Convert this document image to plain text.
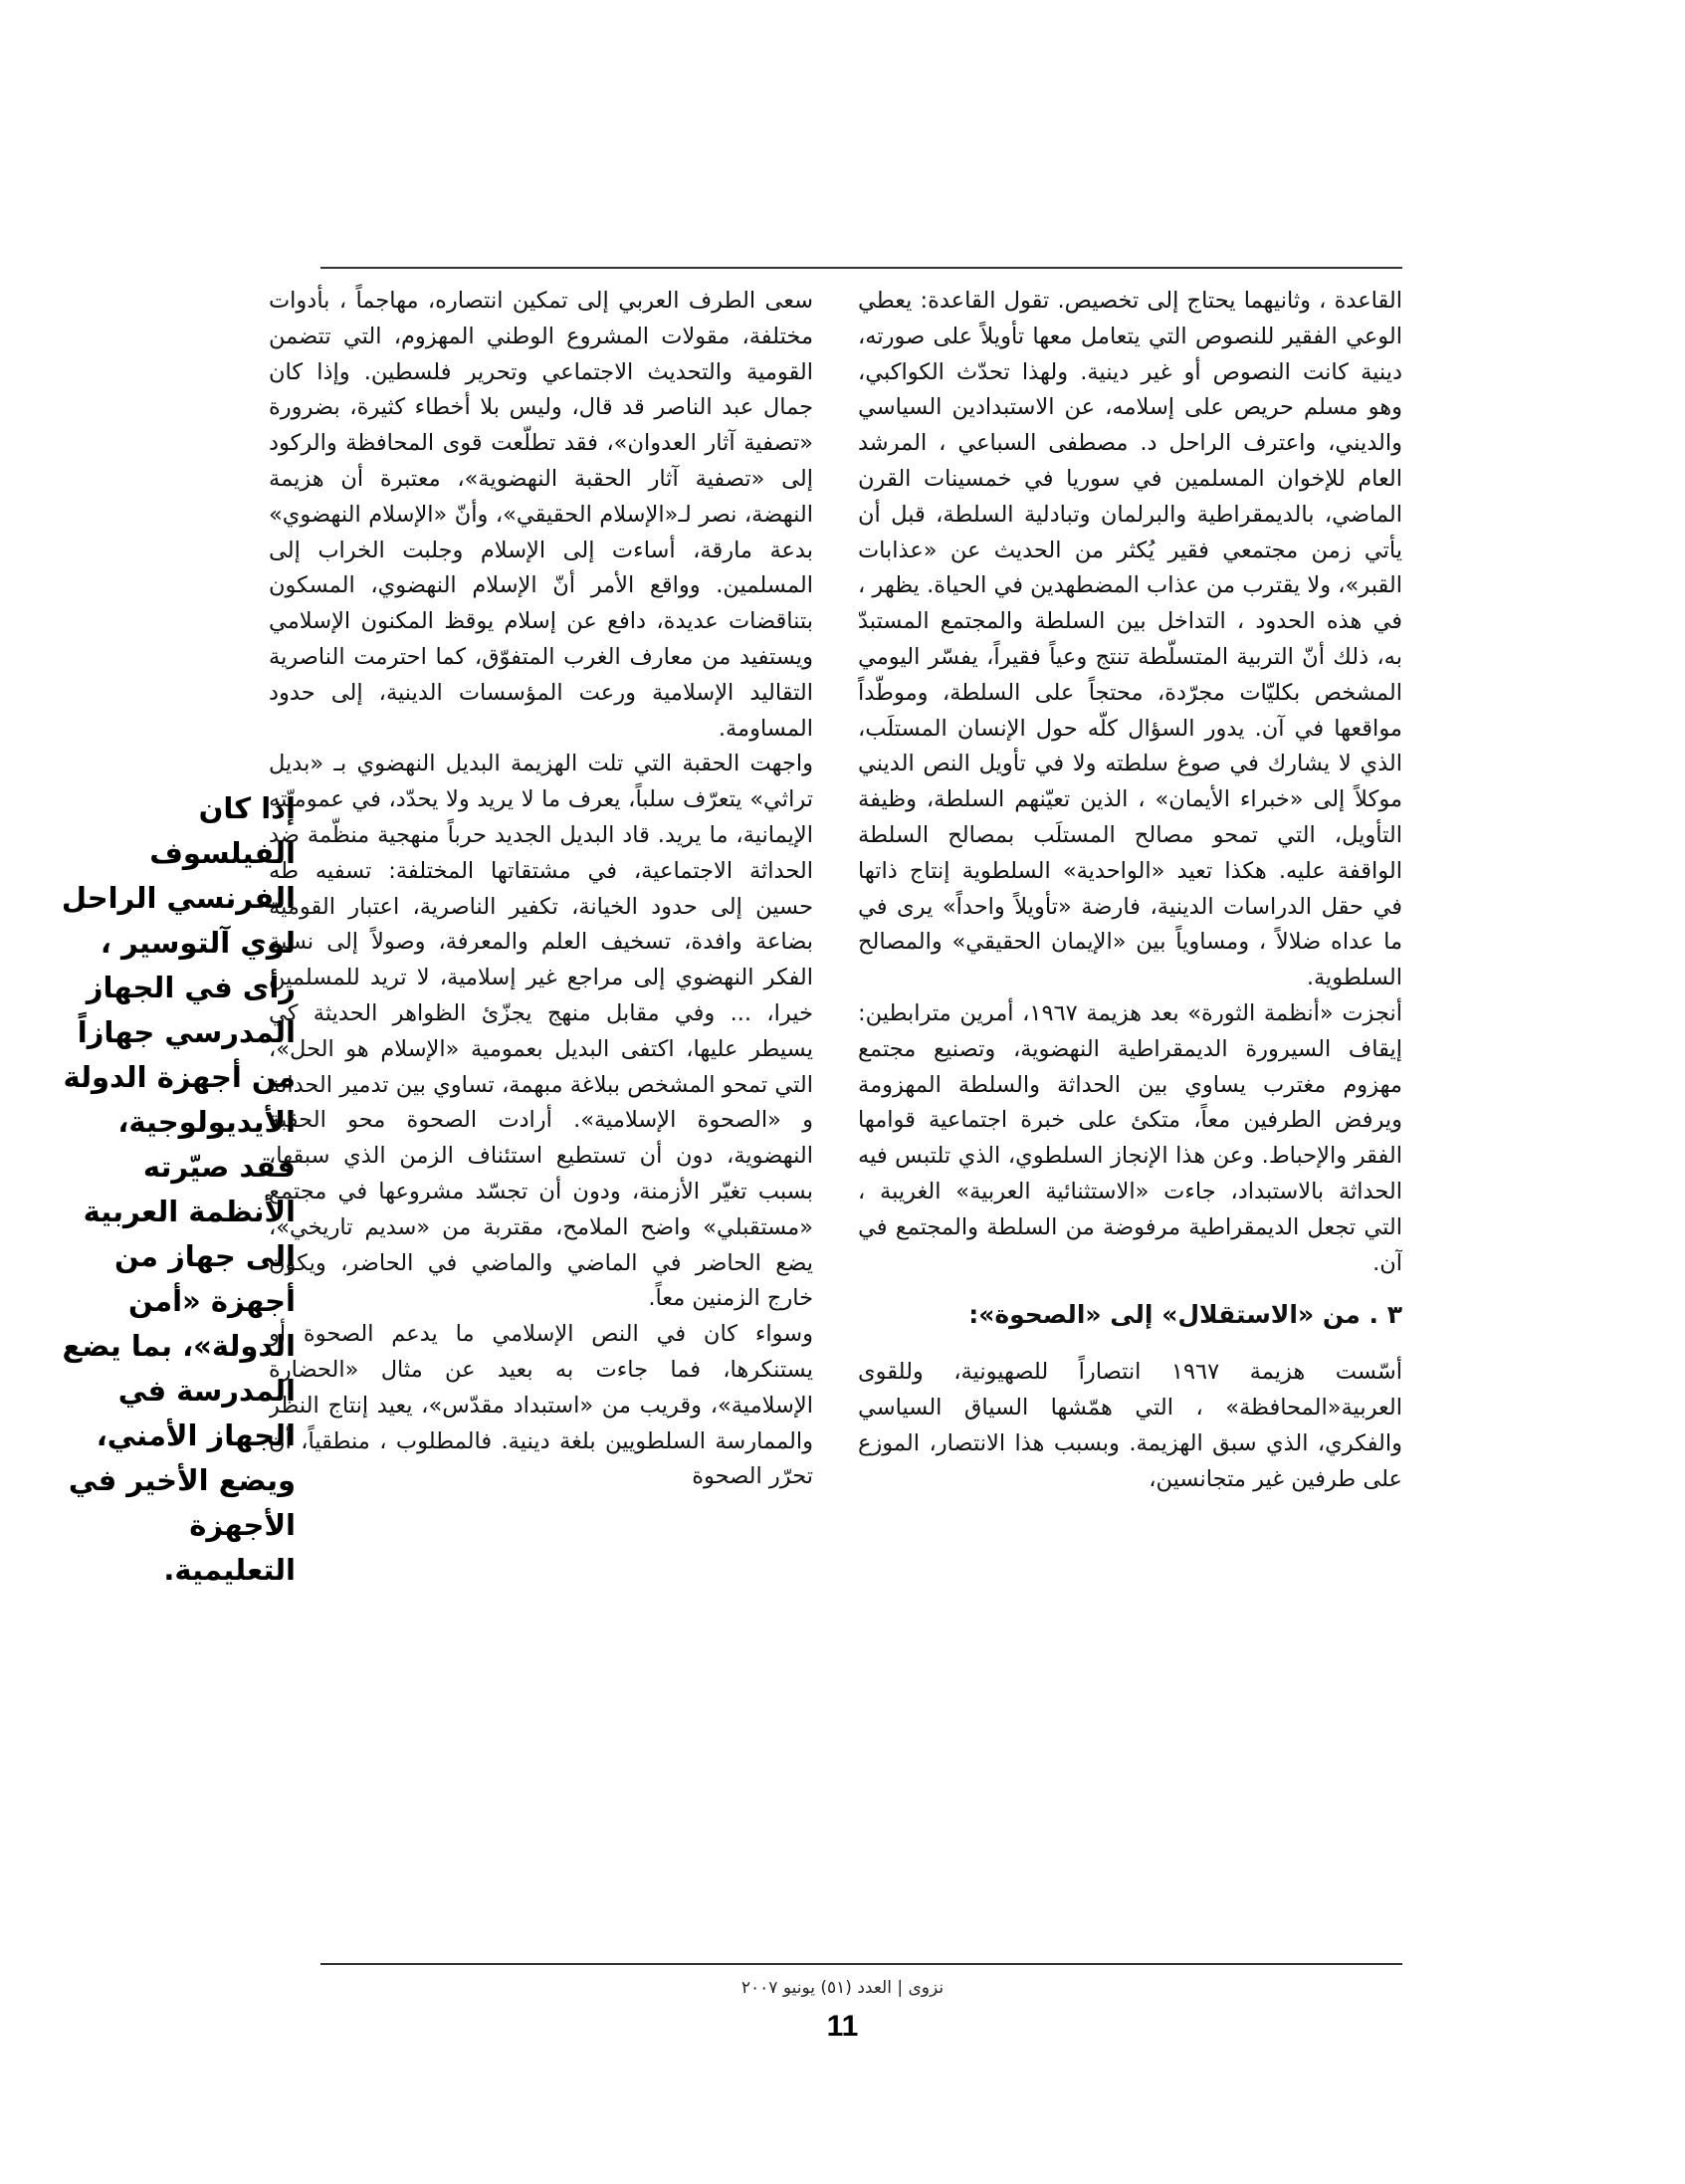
القاعدة ، وثانيهما يحتاج إلى تخصيص. تقول القاعدة: يعطي الوعي الفقير للنصوص التي يتعامل معها تأويلاً على صورته، دينية كانت النصوص أو غير دينية. ولهذا تحدّث الكواكبي، وهو مسلم حريص على إسلامه، عن الاستبدادين السياسي والديني، واعترف الراحل د. مصطفى السباعي ، المرشد العام للإخوان المسلمين في سوريا في خمسينات القرن الماضي، بالديمقراطية والبرلمان وتبادلية السلطة، قبل أن يأتي زمن مجتمعي فقير يُكثر من الحديث عن «عذابات القبر»، ولا يقترب من عذاب المضطهدين في الحياة. يظهر ، في هذه الحدود ، التداخل بين السلطة والمجتمع المستبدّ به، ذلك أنّ التربية المتسلّطة تنتج وعياً فقيراً، يفسّر اليومي المشخص بكليّات مجرّدة، محتجاً على السلطة، وموطّداً مواقعها في آن. يدور السؤال كلّه حول الإنسان المستلَب، الذي لا يشارك في صوغ سلطته ولا في تأويل النص الديني موكلاً إلى «خبراء الأيمان» ، الذين تعيّنهم السلطة، وظيفة التأويل، التي تمحو مصالح المستلَب بمصالح السلطة الواقفة عليه. هكذا تعيد «الواحدية» السلطوية إنتاج ذاتها في حقل الدراسات الدينية، فارضة «تأويلاً واحداً» يرى في ما عداه ضلالاً ، ومساوياً بين «الإيمان الحقيقي» والمصالح السلطوية.

أنجزت «أنظمة الثورة» بعد هزيمة ١٩٦٧، أمرين مترابطين: إيقاف السيرورة الديمقراطية النهضوية، وتصنيع مجتمع مهزوم مغترب يساوي بين الحداثة والسلطة المهزومة ويرفض الطرفين معاً، متكئ على خبرة اجتماعية قوامها الفقر والإحباط. وعن هذا الإنجاز السلطوي، الذي تلتبس فيه الحداثة بالاستبداد، جاءت «الاستثنائية العربية» الغريبة ، التي تجعل الديمقراطية مرفوضة من السلطة والمجتمع في آن.

٣ . من «الاستقلال» إلى «الصحوة»:

أسّست هزيمة ١٩٦٧ انتصاراً للصهيونية، وللقوى العربية«المحافظة» ، التي همّشها السياق السياسي والفكري، الذي سبق الهزيمة. وبسبب هذا الانتصار، الموزع على طرفين غير متجانسين،

سعى الطرف العربي إلى تمكين انتصاره، مهاجماً ، بأدوات مختلفة، مقولات المشروع الوطني المهزوم، التي تتضمن القومية والتحديث الاجتماعي وتحرير فلسطين. وإذا كان جمال عبد الناصر قد قال، وليس بلا أخطاء كثيرة، بضرورة «تصفية آثار العدوان»، فقد تطلّعت قوى المحافظة والركود إلى «تصفية آثار الحقبة النهضوية»، معتبرة أن هزيمة النهضة، نصر لـ«الإسلام الحقيقي»، وأنّ «الإسلام النهضوي» بدعة مارقة، أساءت إلى الإسلام وجلبت الخراب إلى المسلمين. وواقع الأمر أنّ الإسلام النهضوي، المسكون بتناقضات عديدة، دافع عن إسلام يوقظ المكنون الإسلامي ويستفيد من معارف الغرب المتفوّق، كما احترمت الناصرية التقاليد الإسلامية ورعت المؤسسات الدينية، إلى حدود المساومة.

واجهت الحقبة التي تلت الهزيمة البديل النهضوي بـ «بديل تراثي» يتعرّف سلباً، يعرف ما لا يريد ولا يحدّد، في عموميّته الإيمانية، ما يريد. قاد البديل الجديد حرباً منهجية منظّمة ضد الحداثة الاجتماعية، في مشتقاتها المختلفة: تسفيه طه حسين إلى حدود الخيانة، تكفير الناصرية، اعتبار القومية بضاعة وافدة، تسخيف العلم والمعرفة، وصولاً إلى نسبة الفكر النهضوي إلى مراجع غير إسلامية، لا تريد للمسلمين خيرا، ... وفي مقابل منهج يجزّئ الظواهر الحديثة كي يسيطر عليها، اكتفى البديل بعمومية «الإسلام هو الحل»، التي تمحو المشخص ببلاغة مبهمة، تساوي بين تدمير الحداثة و «الصحوة الإسلامية». أرادت الصحوة محو الحقبة النهضوية، دون أن تستطيع استئناف الزمن الذي سبقها، بسبب تغيّر الأزمنة، ودون أن تجسّد مشروعها في مجتمع «مستقبلي» واضح الملامح، مقتربة من «سديم تاريخي»، يضع الحاضر في الماضي والماضي في الحاضر، ويكون خارج الزمنين معاً.

وسواء كان في النص الإسلامي ما يدعم الصحوة أو يستنكرها، فما جاءت به بعيد عن مثال «الحضارة الإسلامية»، وقريب من «استبداد مقدّس»، يعيد إنتاج النظر والممارسة السلطويين بلغة دينية. فالمطلوب ، منطقياً، أن تحرّر الصحوة

إذا كان الفيلسوف الفرنسي الراحل لوي آلتوسير ، رأى في الجهاز المدرسي جهازاً من أجهزة الدولة الأيديولوجية، فقد صيّرته الأنظمة العربية إلى جهاز من أجهزة «أمن الدولة»، بما يضع المدرسة في الجهاز الأمني، ويضع الأخير في الأجهزة التعليمية.
نزوى | العدد (٥١) يونيو ٢٠٠٧
11
